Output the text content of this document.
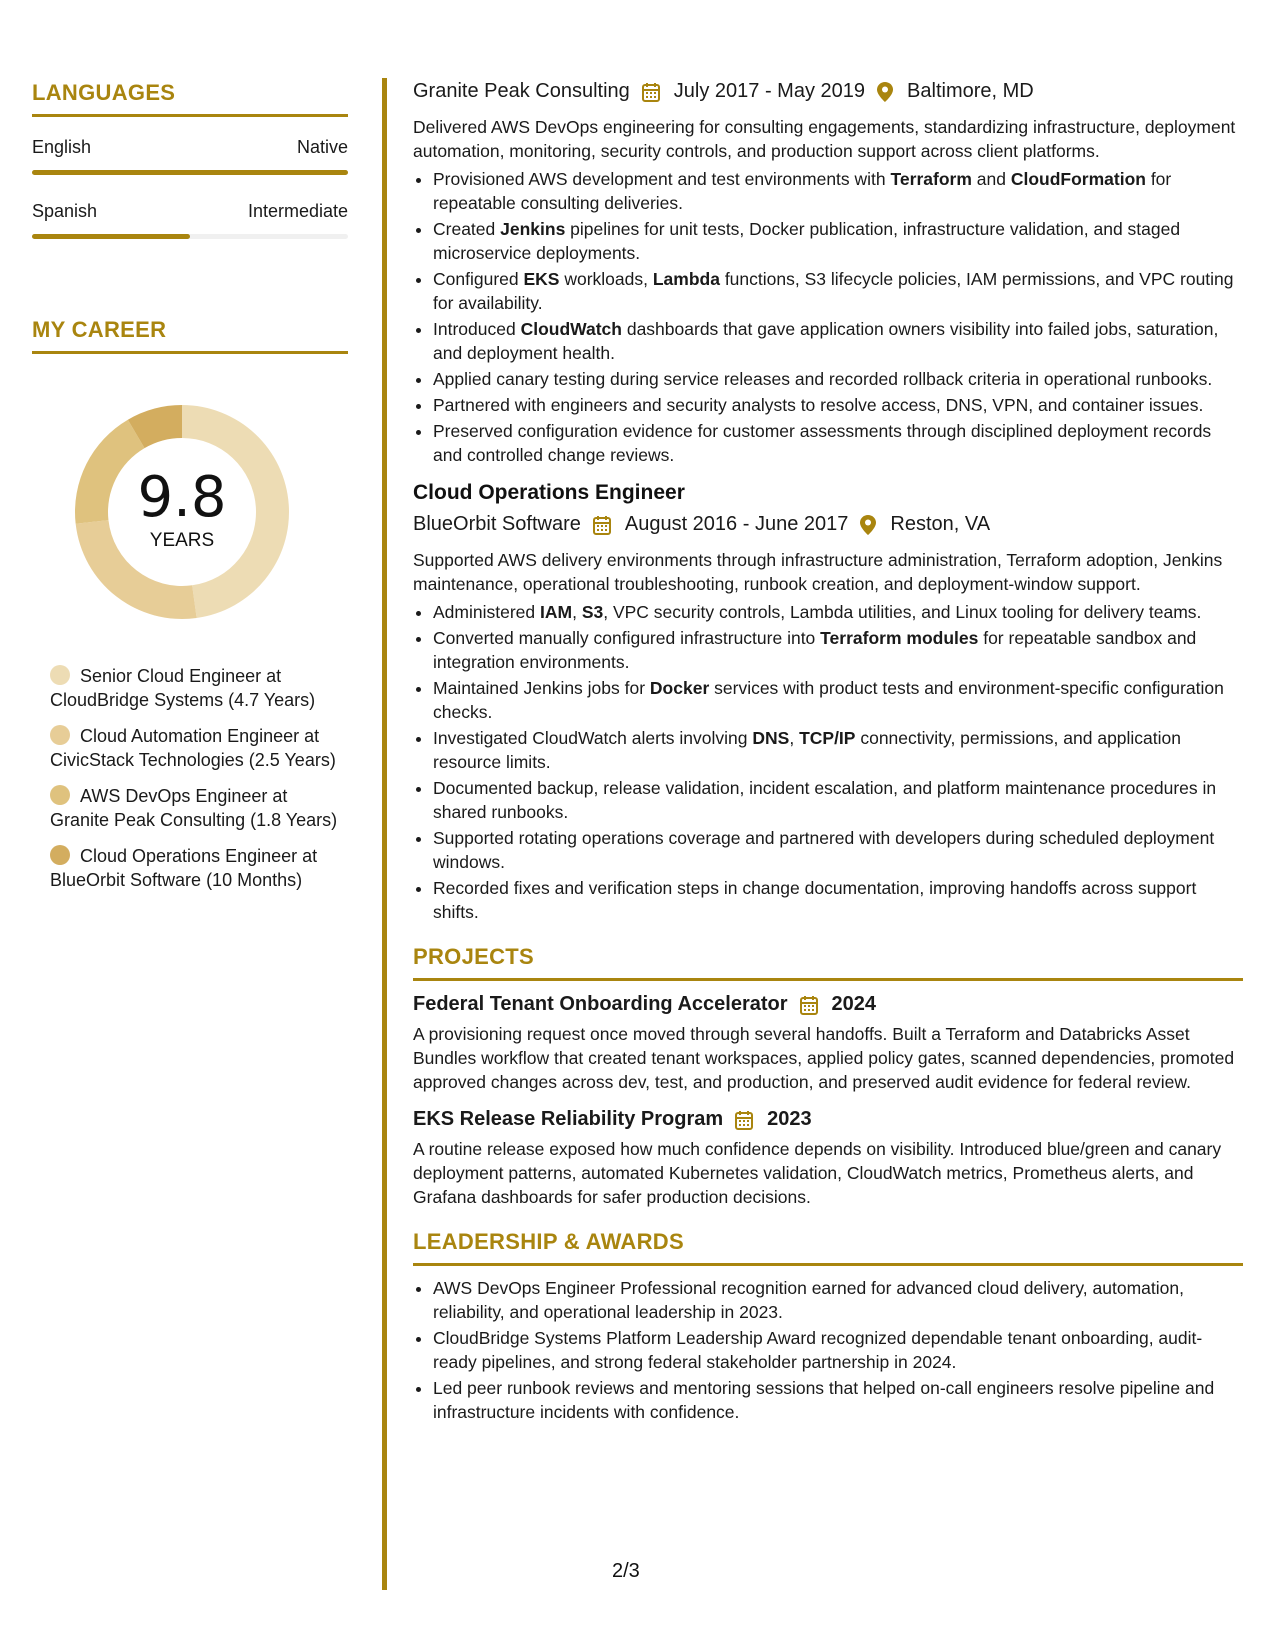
LANGUAGES
English	Native
Spanish	Intermediate
MY CAREER
9.8
YEARS
Senior Cloud Engineer at CloudBridge Systems (4.7 Years)
Cloud Automation Engineer at CivicStack Technologies (2.5 Years)
AWS DevOps Engineer at Granite Peak Consulting (1.8 Years)
Cloud Operations Engineer at BlueOrbit Software (10 Months)
Granite Peak Consulting July 2017 - May 2019 Baltimore, MD
Delivered AWS DevOps engineering for consulting engagements, standardizing infrastructure, deployment automation, monitoring, security controls, and production support across client platforms.
• Provisioned AWS development and test environments with Terraform and CloudFormation for repeatable consulting deliveries.
• Created Jenkins pipelines for unit tests, Docker publication, infrastructure validation, and staged microservice deployments.
• Configured EKS workloads, Lambda functions, S3 lifecycle policies, IAM permissions, and VPC routing for availability.
• Introduced CloudWatch dashboards that gave application owners visibility into failed jobs, saturation, and deployment health.
• Applied canary testing during service releases and recorded rollback criteria in operational runbooks.
• Partnered with engineers and security analysts to resolve access, DNS, VPN, and container issues.
• Preserved configuration evidence for customer assessments through disciplined deployment records and controlled change reviews.
Cloud Operations Engineer
BlueOrbit Software August 2016 - June 2017 Reston, VA
Supported AWS delivery environments through infrastructure administration, Terraform adoption, Jenkins maintenance, operational troubleshooting, runbook creation, and deployment-window support.
• Administered IAM, S3, VPC security controls, Lambda utilities, and Linux tooling for delivery teams.
• Converted manually configured infrastructure into Terraform modules for repeatable sandbox and integration environments.
• Maintained Jenkins jobs for Docker services with product tests and environment-specific configuration checks.
• Investigated CloudWatch alerts involving DNS, TCP/IP connectivity, permissions, and application resource limits.
• Documented backup, release validation, incident escalation, and platform maintenance procedures in shared runbooks.
• Supported rotating operations coverage and partnered with developers during scheduled deployment windows.
• Recorded fixes and verification steps in change documentation, improving handoffs across support shifts.
PROJECTS
Federal Tenant Onboarding Accelerator 2024
A provisioning request once moved through several handoffs. Built a Terraform and Databricks Asset Bundles workflow that created tenant workspaces, applied policy gates, scanned dependencies, promoted approved changes across dev, test, and production, and preserved audit evidence for federal review.
EKS Release Reliability Program 2023
A routine release exposed how much confidence depends on visibility. Introduced blue/green and canary deployment patterns, automated Kubernetes validation, CloudWatch metrics, Prometheus alerts, and Grafana dashboards for safer production decisions.
LEADERSHIP & AWARDS
• AWS DevOps Engineer Professional recognition earned for advanced cloud delivery, automation, reliability, and operational leadership in 2023.
• CloudBridge Systems Platform Leadership Award recognized dependable tenant onboarding, audit-ready pipelines, and strong federal stakeholder partnership in 2024.
• Led peer runbook reviews and mentoring sessions that helped on-call engineers resolve pipeline and infrastructure incidents with confidence.
2/3
